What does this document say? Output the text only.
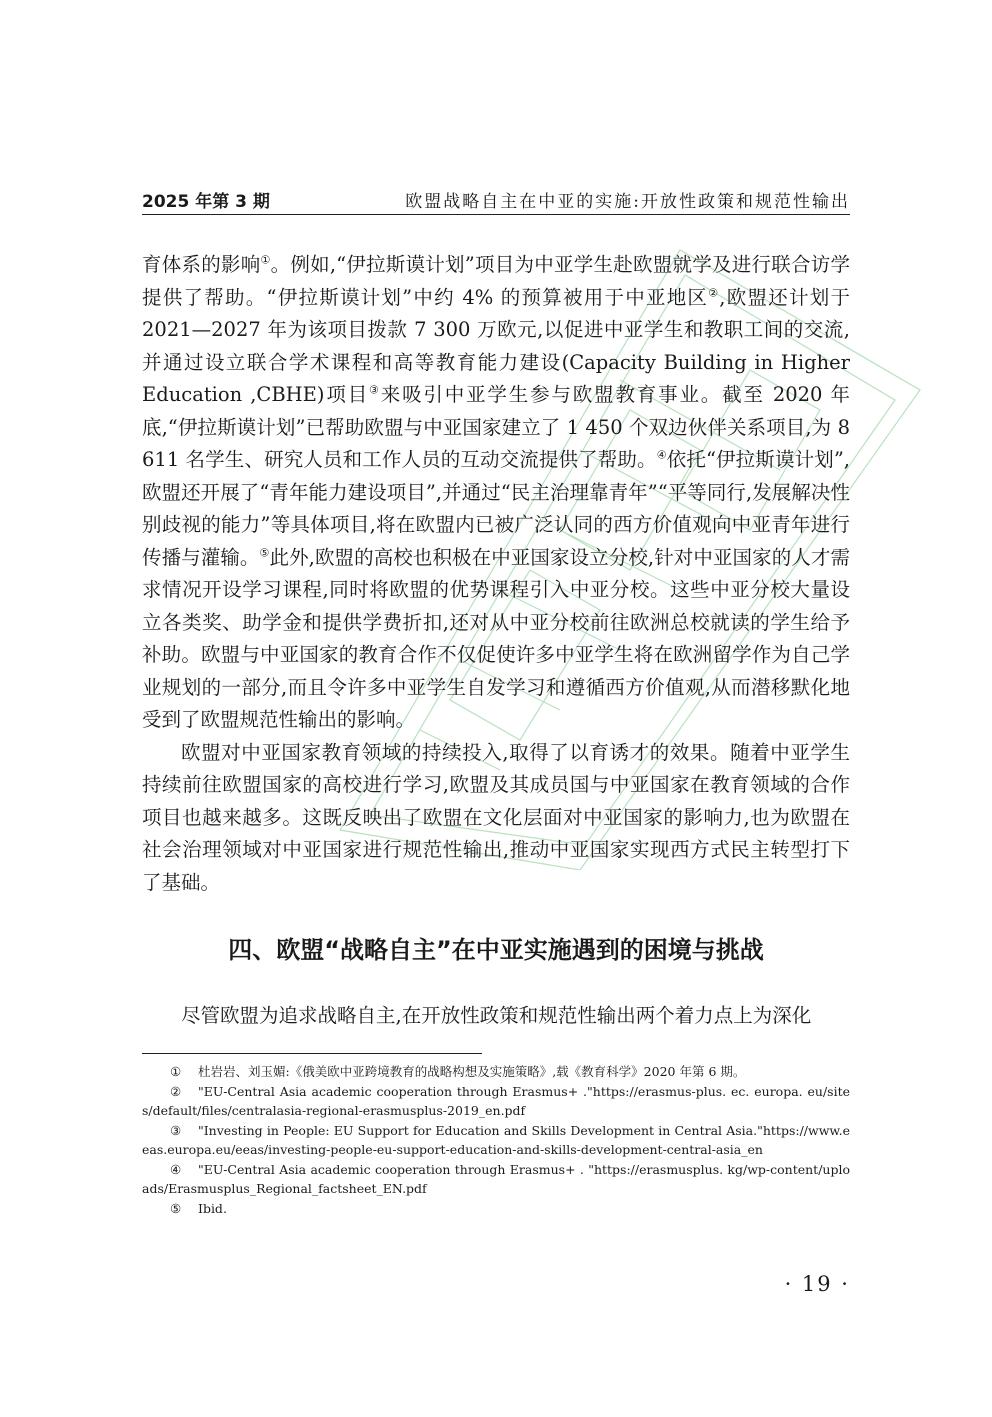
2025 年第 3 期	欧盟战略自主在中亚的实施:开放性政策和规范性输出

育体系的影响①。例如,“伊拉斯谟计划”项目为中亚学生赴欧盟就学及进行联合访学提供了帮助。“伊拉斯谟计划”中约 4% 的预算被用于中亚地区②,欧盟还计划于 2021—2027 年为该项目拨款 7 300 万欧元,以促进中亚学生和教职工间的交流,并通过设立联合学术课程和高等教育能力建设(Capacity Building in Higher Education ,CBHE)项目③来吸引中亚学生参与欧盟教育事业。截至 2020 年底,“伊拉斯谟计划”已帮助欧盟与中亚国家建立了 1 450 个双边伙伴关系项目,为 8 611 名学生、研究人员和工作人员的互动交流提供了帮助。④依托“伊拉斯谟计划”,欧盟还开展了“青年能力建设项目”,并通过“民主治理靠青年”“平等同行,发展解决性别歧视的能力”等具体项目,将在欧盟内已被广泛认同的西方价值观向中亚青年进行传播与灌输。⑤此外,欧盟的高校也积极在中亚国家设立分校,针对中亚国家的人才需求情况开设学习课程,同时将欧盟的优势课程引入中亚分校。这些中亚分校大量设立各类奖、助学金和提供学费折扣,还对从中亚分校前往欧洲总校就读的学生给予补助。欧盟与中亚国家的教育合作不仅促使许多中亚学生将在欧洲留学作为自己学业规划的一部分,而且令许多中亚学生自发学习和遵循西方价值观,从而潜移默化地受到了欧盟规范性输出的影响。

欧盟对中亚国家教育领域的持续投入,取得了以育诱才的效果。随着中亚学生持续前往欧盟国家的高校进行学习,欧盟及其成员国与中亚国家在教育领域的合作项目也越来越多。这既反映出了欧盟在文化层面对中亚国家的影响力,也为欧盟在社会治理领域对中亚国家进行规范性输出,推动中亚国家实现西方式民主转型打下了基础。

四、欧盟“战略自主”在中亚实施遇到的困境与挑战

尽管欧盟为追求战略自主,在开放性政策和规范性输出两个着力点上为深化

① 杜岩岩、刘玉媚:《俄美欧中亚跨境教育的战略构想及实施策略》,载《教育科学》2020 年第 6 期。
② "EU-Central Asia academic cooperation through Erasmus+ ."https://erasmus-plus. ec. europa. eu/sites/default/files/centralasia-regional-erasmusplus-2019_en.pdf
③ "Investing in People: EU Support for Education and Skills Development in Central Asia."https://www.eeas.europa.eu/eeas/investing-people-eu-support-education-and-skills-development-central-asia_en
④ "EU-Central Asia academic cooperation through Erasmus+ . "https://erasmusplus. kg/wp-content/uploads/Erasmusplus_Regional_factsheet_EN.pdf
⑤ Ibid.
· 19 ·
